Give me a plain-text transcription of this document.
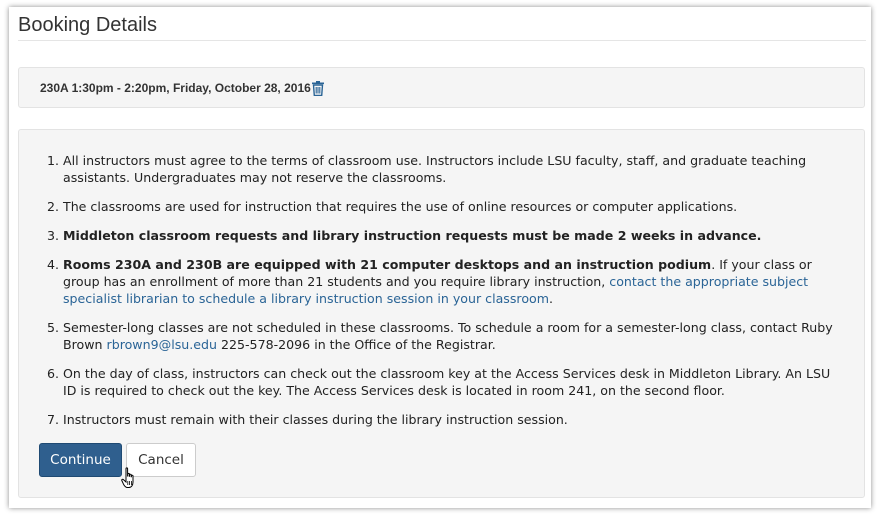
Booking Details
230A 1:30pm - 2:20pm, Friday, October 28, 2016
1. All instructors must agree to the terms of classroom use. Instructors include LSU faculty, staff, and graduate teaching assistants. Undergraduates may not reserve the classrooms.
2. The classrooms are used for instruction that requires the use of online resources or computer applications.
3. Middleton classroom requests and library instruction requests must be made 2 weeks in advance.
4. Rooms 230A and 230B are equipped with 21 computer desktops and an instruction podium. If your class or group has an enrollment of more than 21 students and you require library instruction, contact the appropriate subject specialist librarian to schedule a library instruction session in your classroom.
5. Semester-long classes are not scheduled in these classrooms. To schedule a room for a semester-long class, contact Ruby Brown rbrown9@lsu.edu 225-578-2096 in the Office of the Registrar.
6. On the day of class, instructors can check out the classroom key at the Access Services desk in Middleton Library. An LSU ID is required to check out the key. The Access Services desk is located in room 241, on the second floor.
7. Instructors must remain with their classes during the library instruction session.
Continue	Cancel
